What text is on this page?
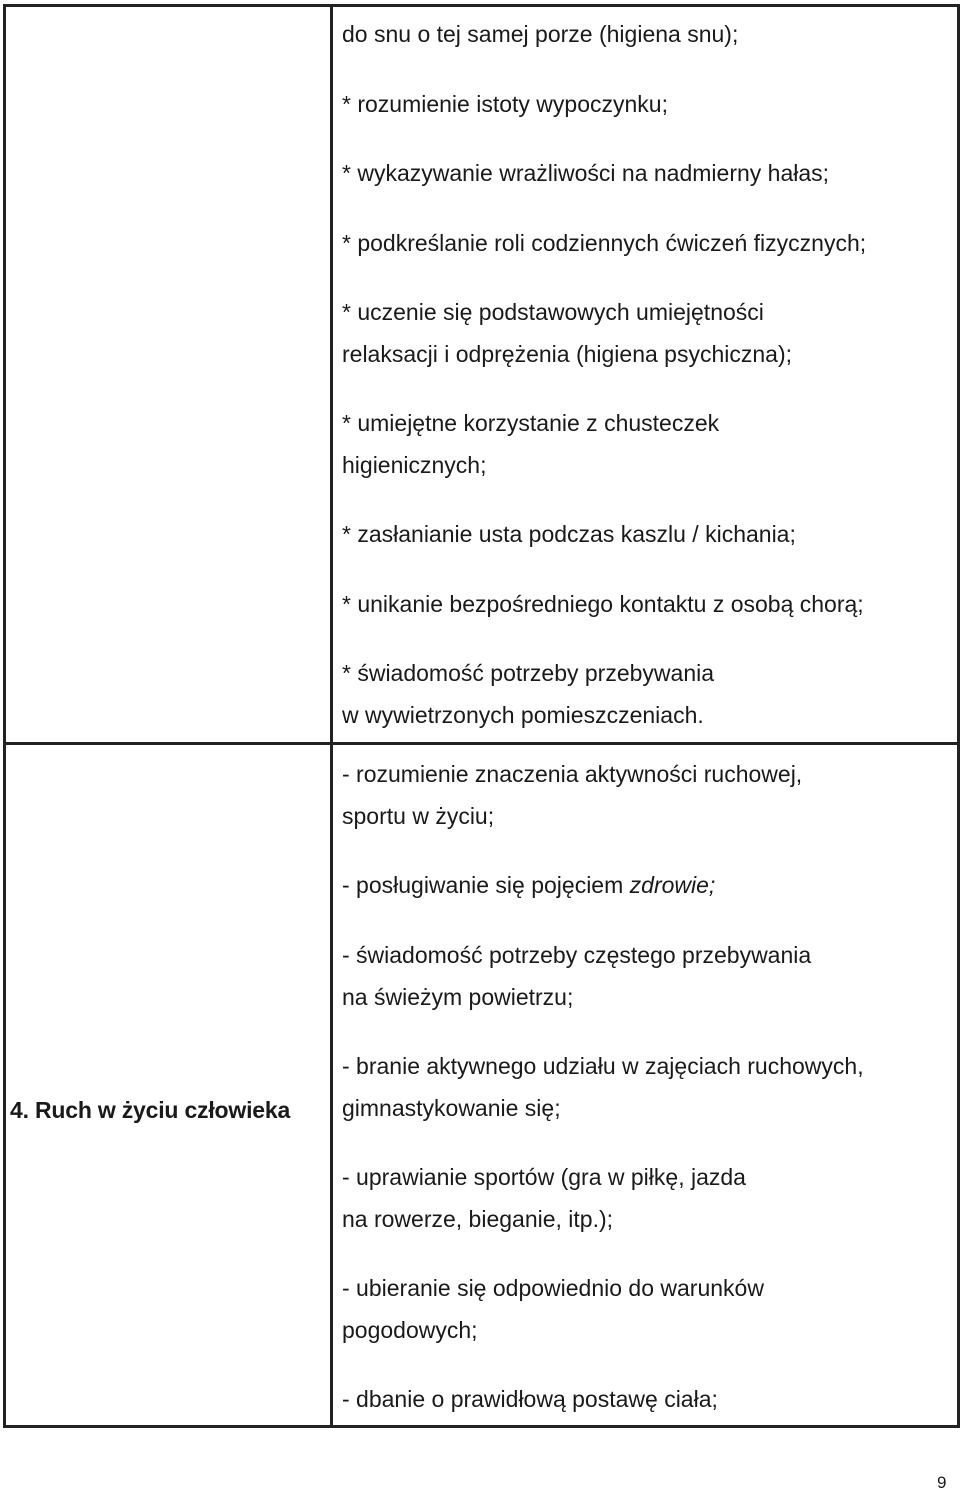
do snu o tej samej porze (higiena snu);
* rozumienie istoty wypoczynku;
* wykazywanie wrażliwości na nadmierny hałas;
* podkreślanie roli codziennych ćwiczeń fizycznych;
* uczenie się podstawowych umiejętności
relaksacji i odprężenia (higiena psychiczna);
* umiejętne korzystanie z chusteczek
higienicznych;
* zasłanianie usta podczas kaszlu / kichania;
* unikanie bezpośredniego kontaktu z osobą chorą;
* świadomość potrzeby przebywania
w wywietrzonych pomieszczeniach.
4. Ruch w życiu człowieka
- rozumienie znaczenia aktywności ruchowej,
sportu w życiu;
- posługiwanie się pojęciem zdrowie;
- świadomość potrzeby częstego przebywania
na świeżym powietrzu;
- branie aktywnego udziału w zajęciach ruchowych,
gimnastykowanie się;
- uprawianie sportów (gra w piłkę, jazda
na rowerze, bieganie, itp.);
- ubieranie się odpowiednio do warunków
pogodowych;
- dbanie o prawidłową postawę ciała;
9
